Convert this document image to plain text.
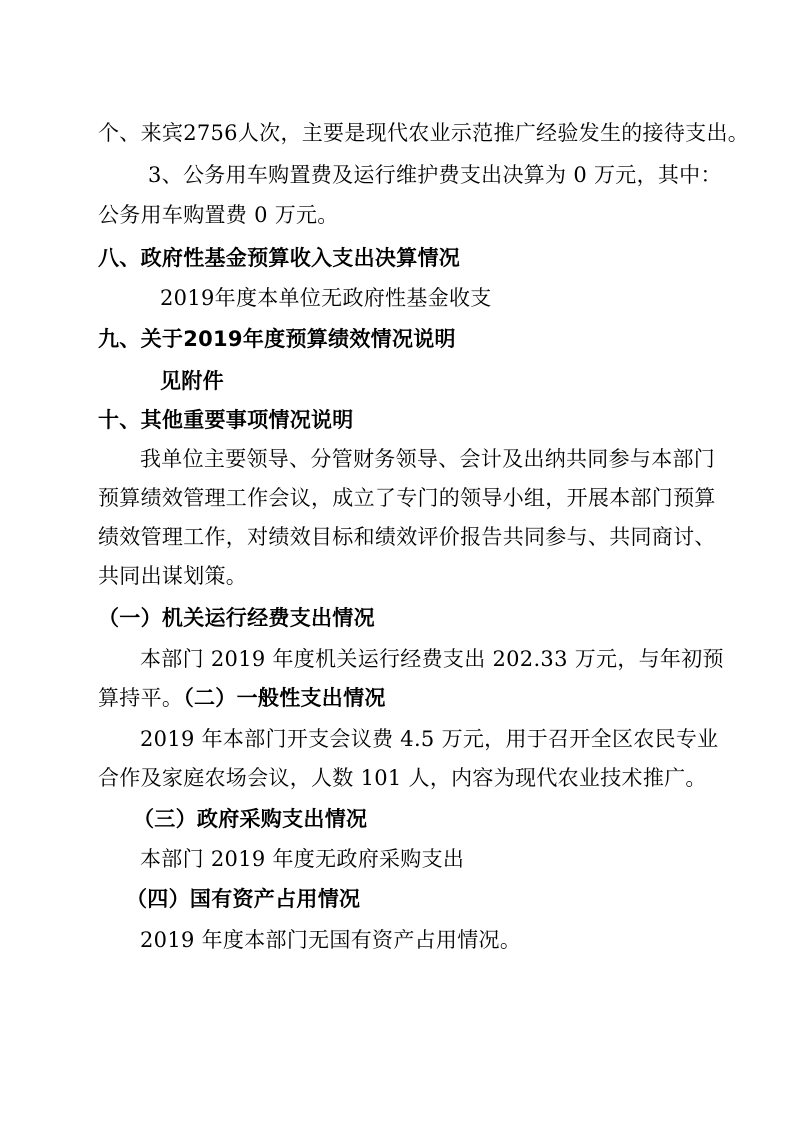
个、来宾2756人次，主要是现代农业示范推广经验发生的接待支出。
3、公务用车购置费及运行维护费支出决算为 0 万元，其中：
公务用车购置费 0 万元。
八、政府性基金预算收入支出决算情况
2019年度本单位无政府性基金收支
九、关于2019年度预算绩效情况说明
见附件
十、其他重要事项情况说明
我单位主要领导、分管财务领导、会计及出纳共同参与本部门
预算绩效管理工作会议，成立了专门的领导小组，开展本部门预算
绩效管理工作，对绩效目标和绩效评价报告共同参与、共同商讨、
共同出谋划策。
（一）机关运行经费支出情况
本部门 2019 年度机关运行经费支出 202.33 万元，与年初预
算持平。（二）一般性支出情况
2019 年本部门开支会议费 4.5 万元，用于召开全区农民专业
合作及家庭农场会议，人数 101 人，内容为现代农业技术推广。
（三）政府采购支出情况
本部门 2019 年度无政府采购支出
（四）国有资产占用情况
2019 年度本部门无国有资产占用情况。
